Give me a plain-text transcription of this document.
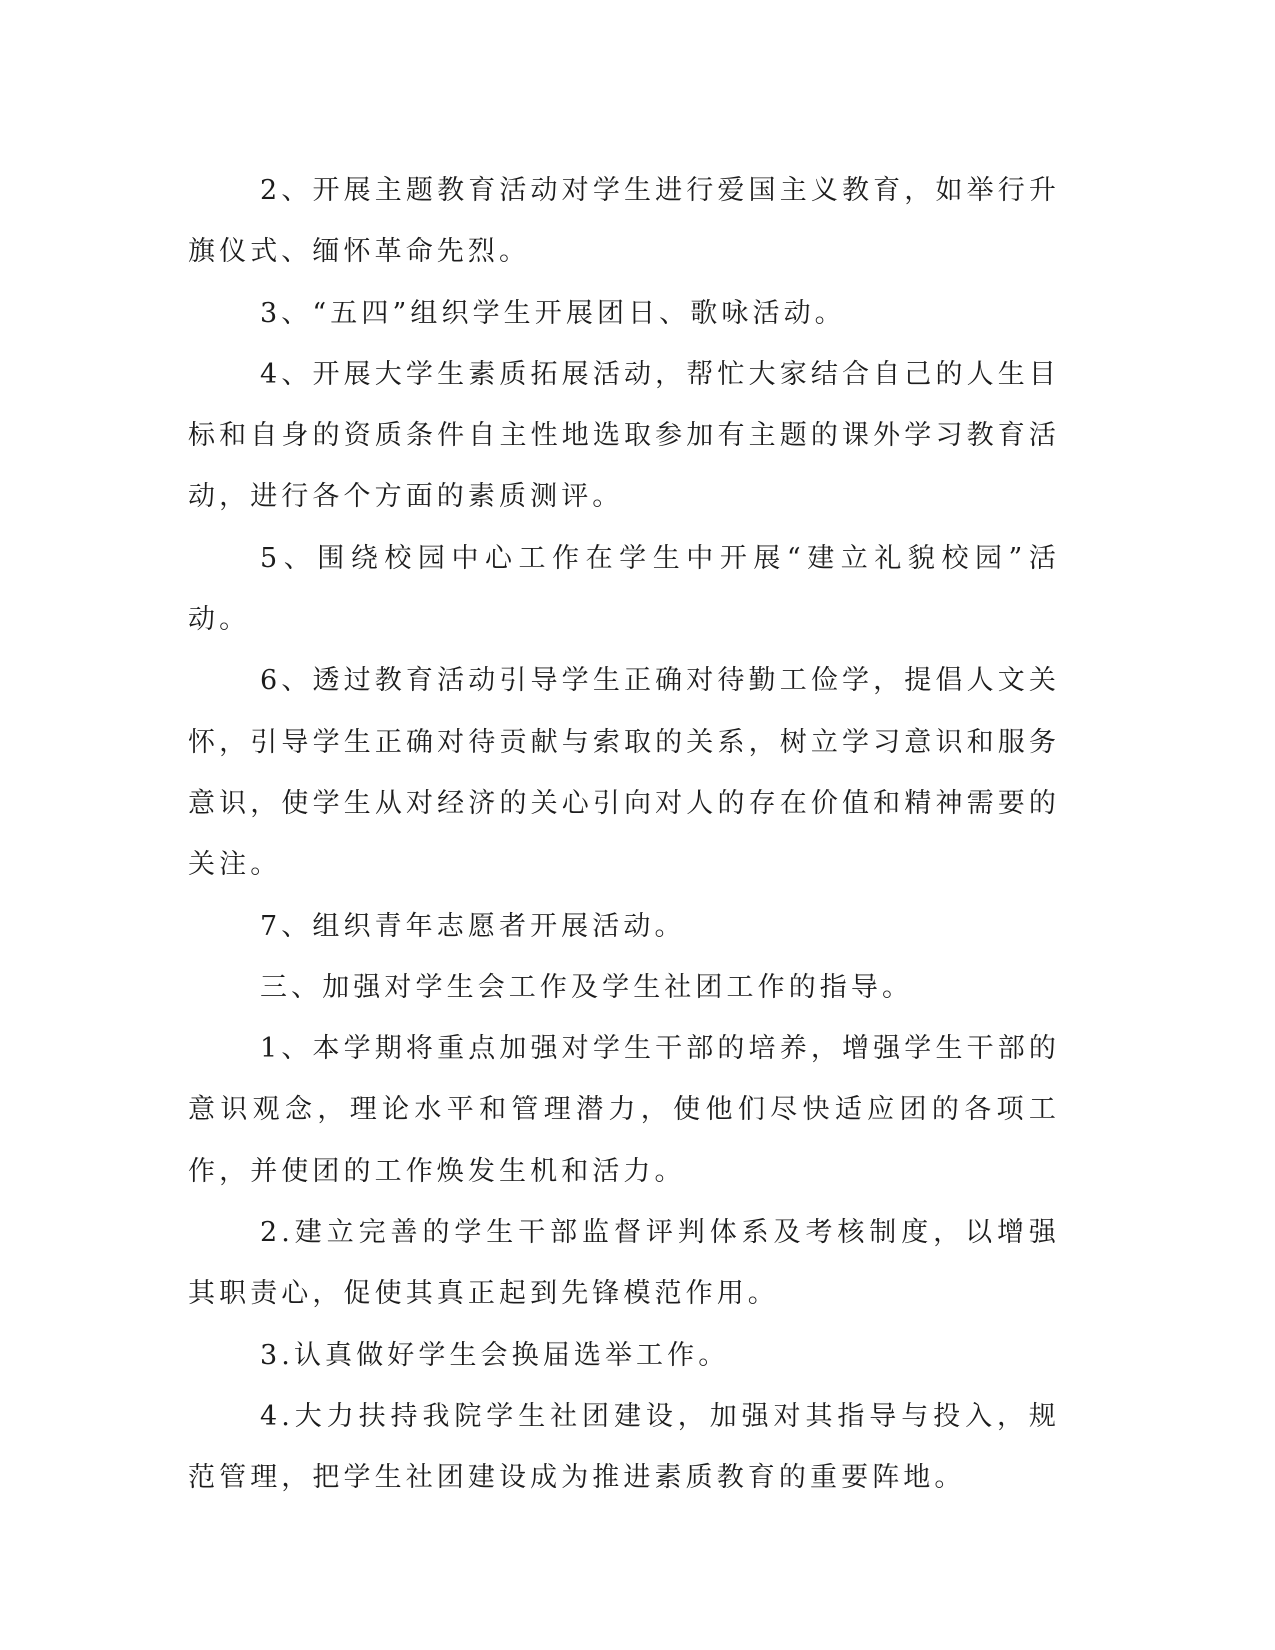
2、开展主题教育活动对学生进行爱国主义教育，如举行升旗仪式、缅怀革命先烈。

3、“五四”组织学生开展团日、歌咏活动。

4、开展大学生素质拓展活动，帮忙大家结合自己的人生目标和自身的资质条件自主性地选取参加有主题的课外学习教育活动，进行各个方面的素质测评。

5、围绕校园中心工作在学生中开展“建立礼貌校园”活动。

6、透过教育活动引导学生正确对待勤工俭学，提倡人文关怀，引导学生正确对待贡献与索取的关系，树立学习意识和服务意识，使学生从对经济的关心引向对人的存在价值和精神需要的关注。

7、组织青年志愿者开展活动。

三、加强对学生会工作及学生社团工作的指导。

1、本学期将重点加强对学生干部的培养，增强学生干部的意识观念，理论水平和管理潜力，使他们尽快适应团的各项工作，并使团的工作焕发生机和活力。

2.建立完善的学生干部监督评判体系及考核制度，以增强其职责心，促使其真正起到先锋模范作用。

3.认真做好学生会换届选举工作。

4.大力扶持我院学生社团建设，加强对其指导与投入，规范管理，把学生社团建设成为推进素质教育的重要阵地。
